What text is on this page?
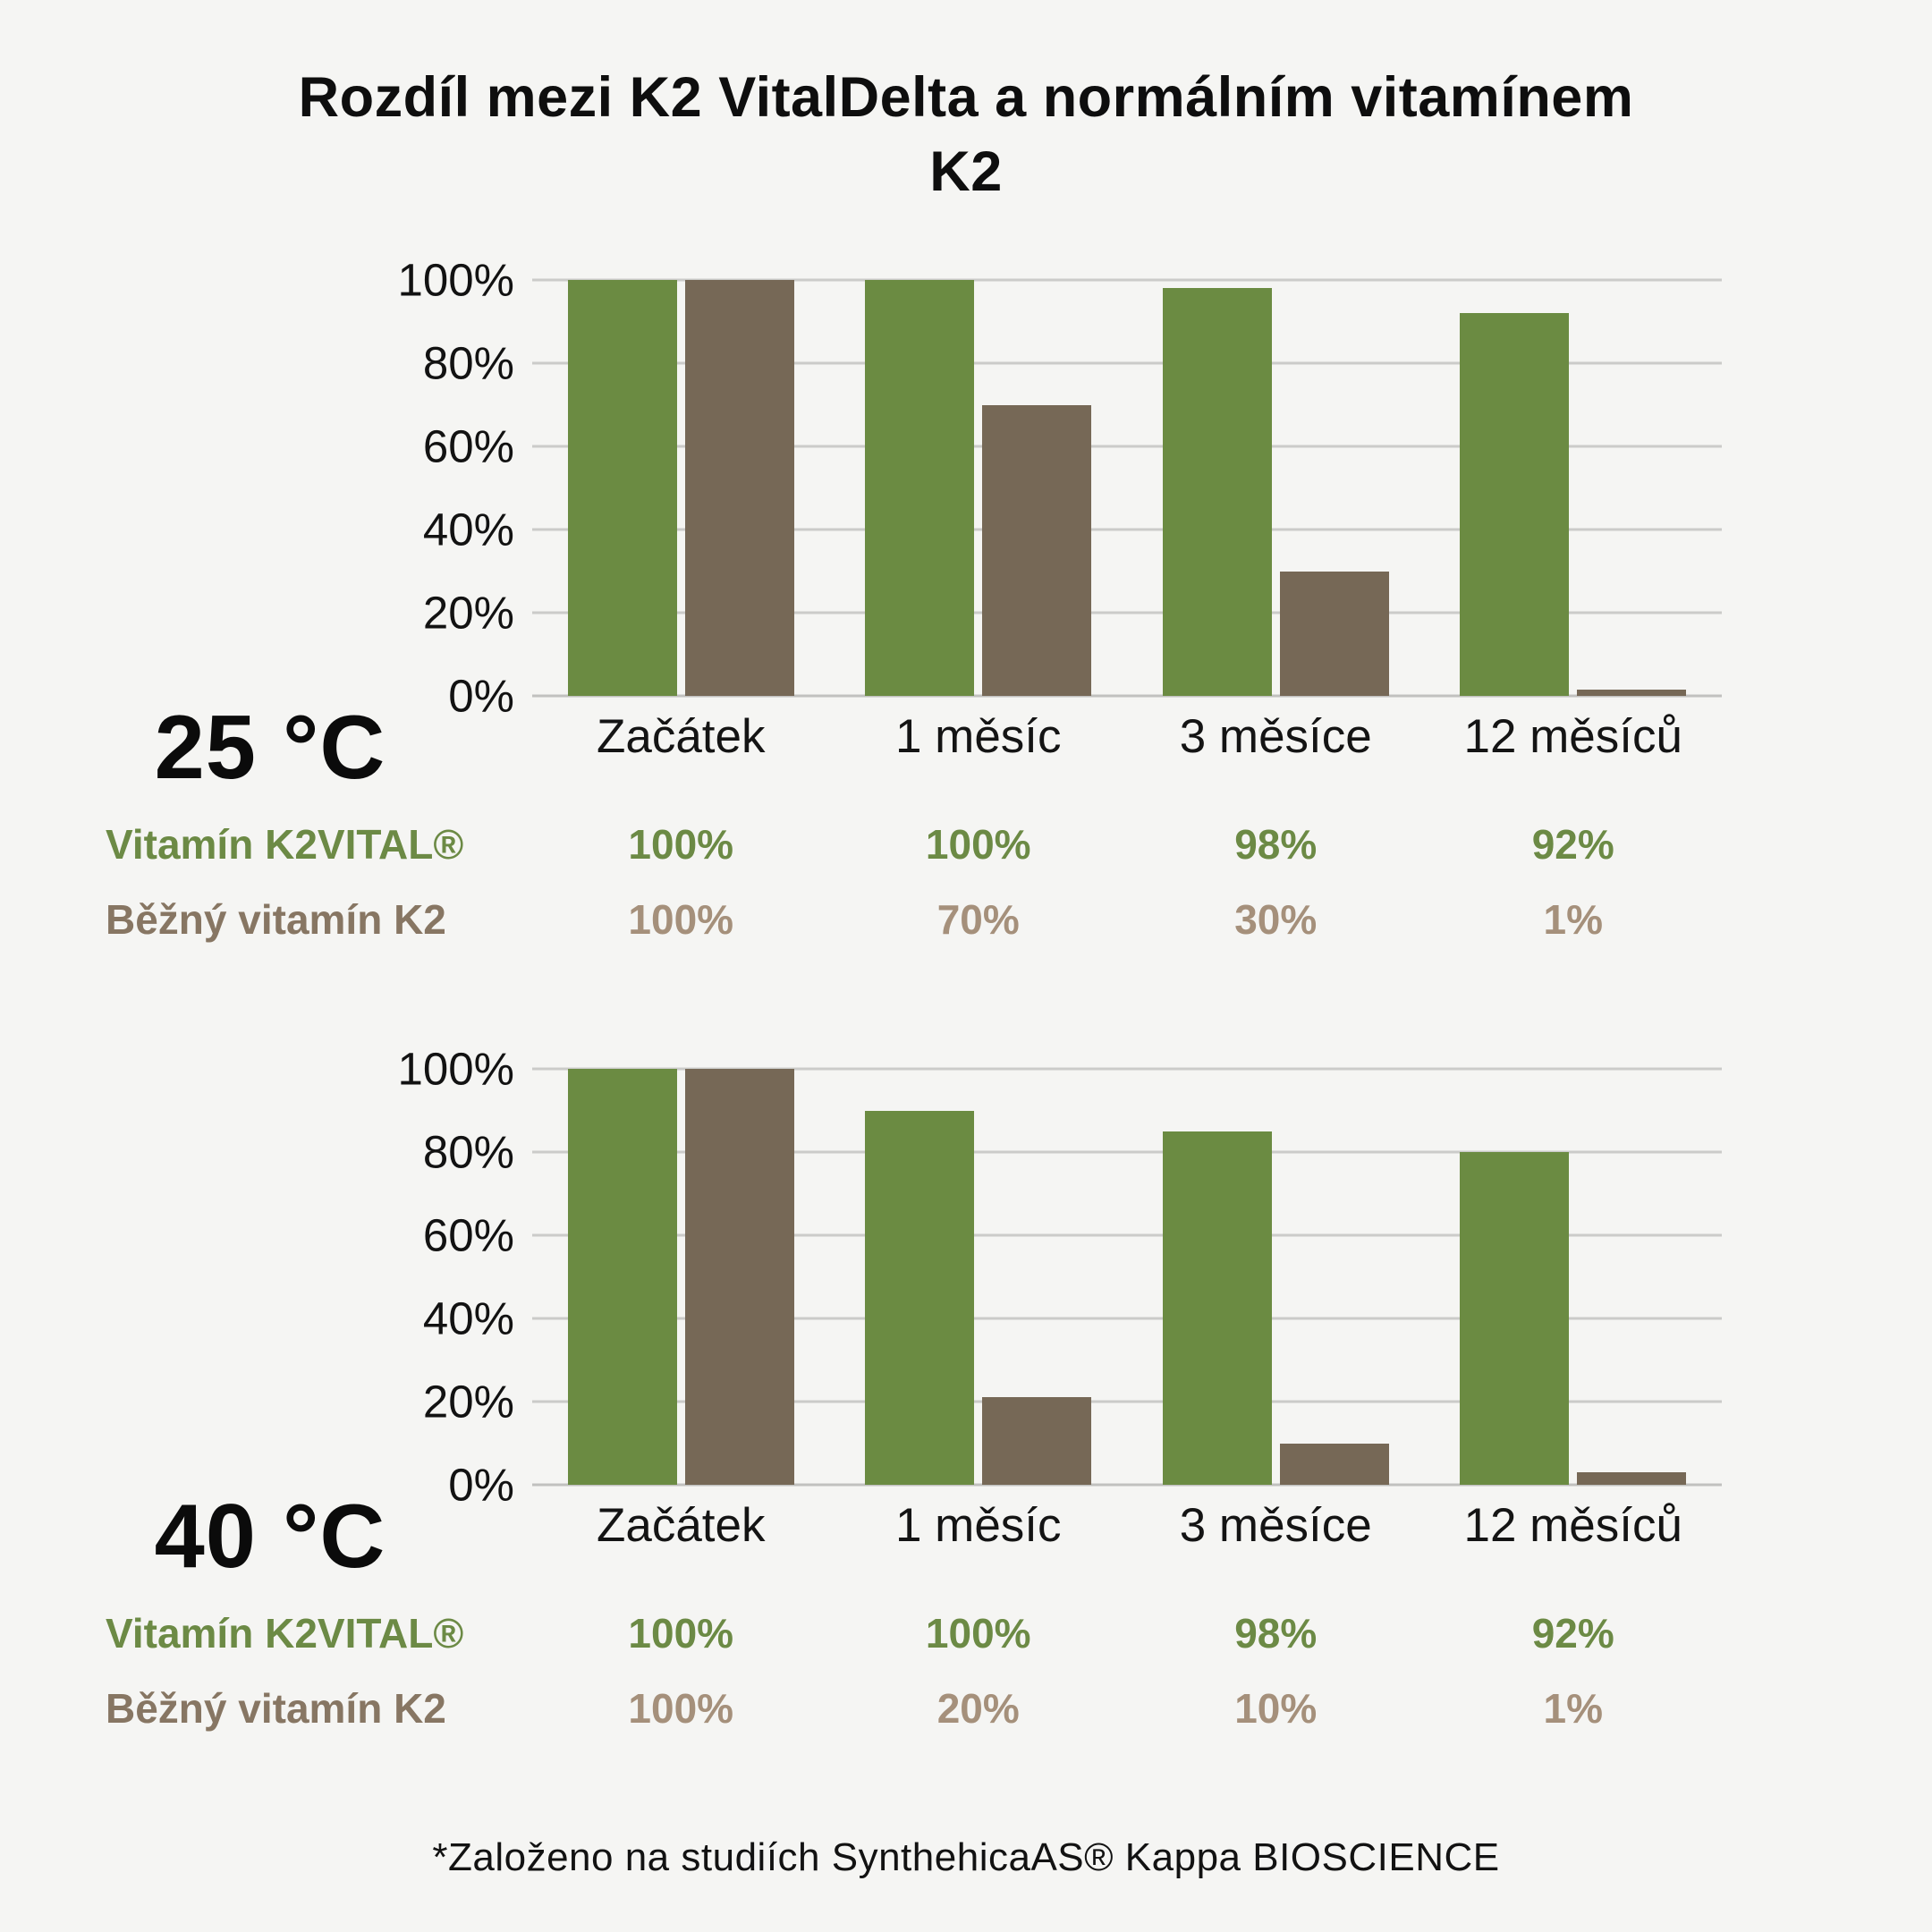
Rozdíl mezi K2 VitalDelta a normálním vitamínem K2
100%
80%
60%
40%
20%
0%
Začátek	1 měsíc	3 měsíce	12 měsíců
25 °C
Vitamín K2VITAL®	100%	100%	98%	92%
Běžný vitamín K2	100%	70%	30%	1%
100%
80%
60%
40%
20%
0%
Začátek	1 měsíc	3 měsíce	12 měsíců
40 °C
Vitamín K2VITAL®	100%	100%	98%	92%
Běžný vitamín K2	100%	20%	10%	1%
*Založeno na studiích SynthehicaAS® Kappa BIOSCIENCE
